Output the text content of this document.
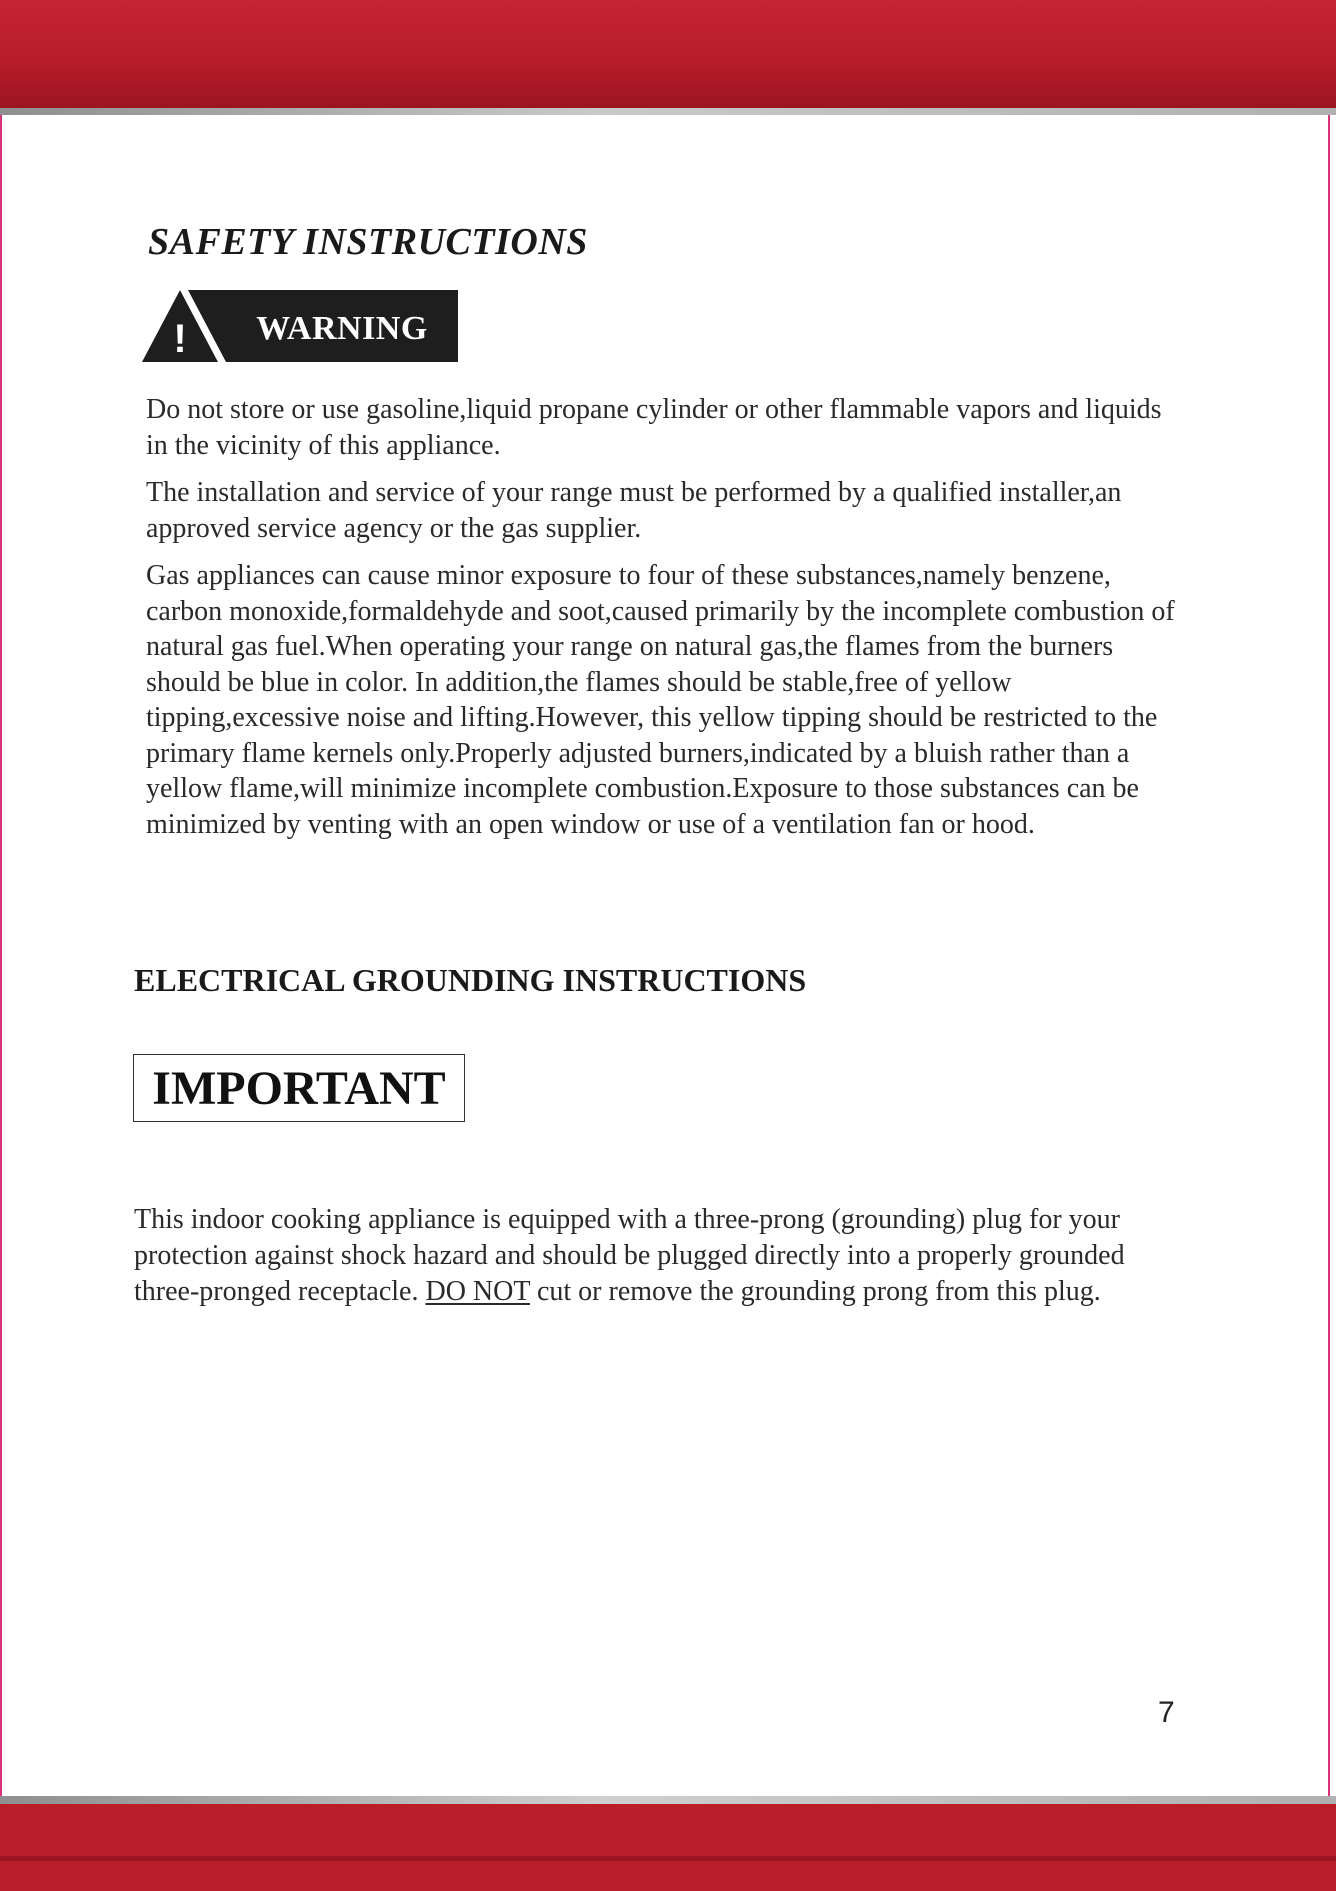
SAFETY INSTRUCTIONS
! WARNING

Do not store or use gasoline,liquid propane cylinder or other flammable vapors and liquids in the vicinity of this appliance.

The installation and service of your range must be performed by a qualified installer,an approved service agency or the gas supplier.

Gas appliances can cause minor exposure to four of these substances,namely benzene, carbon monoxide,formaldehyde and soot,caused primarily by the incomplete combustion of natural gas fuel.When operating your range on natural gas,the flames from the burners should be blue in color. In addition,the flames should be stable,free of yellow tipping,excessive noise and lifting.However, this yellow tipping should be restricted to the primary flame kernels only.Properly adjusted burners,indicated by a bluish rather than a yellow flame,will minimize incomplete combustion.Exposure to those substances can be minimized by venting with an open window or use of a ventilation fan or hood.

ELECTRICAL GROUNDING INSTRUCTIONS
IMPORTANT

This indoor cooking appliance is equipped with a three-prong (grounding) plug for your protection against shock hazard and should be plugged directly into a properly grounded three-pronged receptacle. DO NOT cut or remove the grounding prong from this plug.

7
